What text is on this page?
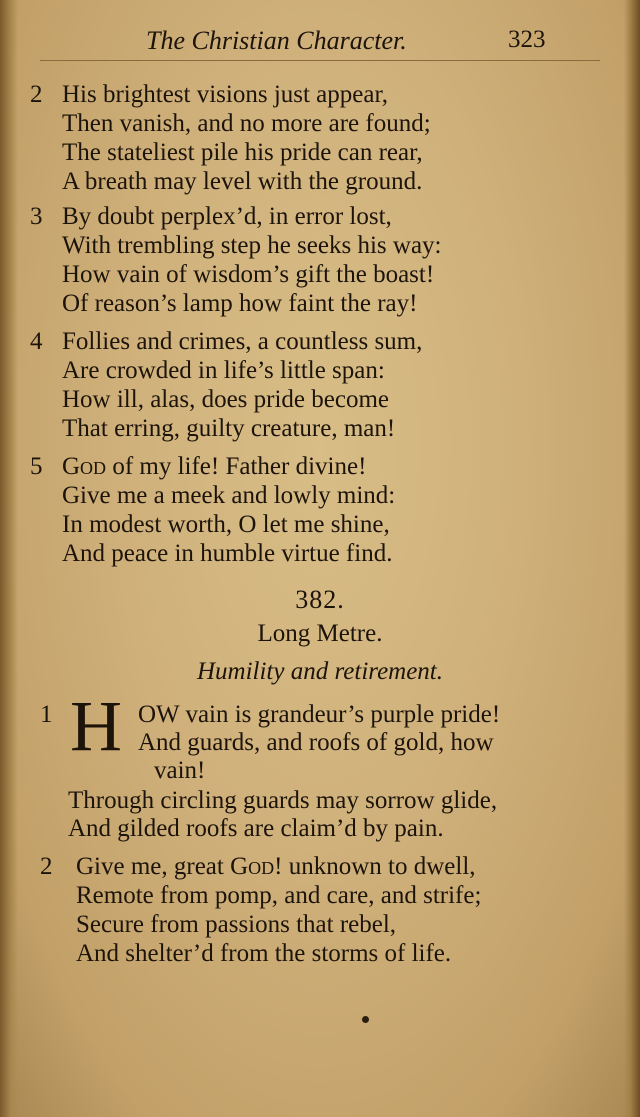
The Christian Character.	323
2 His brightest visions just appear,
Then vanish, and no more are found;
The stateliest pile his pride can rear,
A breath may level with the ground.
3 By doubt perplex’d, in error lost,
With trembling step he seeks his way:
How vain of wisdom’s gift the boast!
Of reason’s lamp how faint the ray!
4 Follies and crimes, a countless sum,
Are crowded in life’s little span:
How ill, alas, does pride become
That erring, guilty creature, man!
5 God of my life! Father divine!
Give me a meek and lowly mind:
In modest worth, O let me shine,
And peace in humble virtue find.
382.
Long Metre.
Humility and retirement.
1	OW vain is grandeur’s purple pride!
And guards, and roofs of gold, how
vain!
Through circling guards may sorrow glide,
And gilded roofs are claim’d by pain.
H
2 Give me, great God! unknown to dwell,
Remote from pomp, and care, and strife;
Secure from passions that rebel,
And shelter’d from the storms of life.
